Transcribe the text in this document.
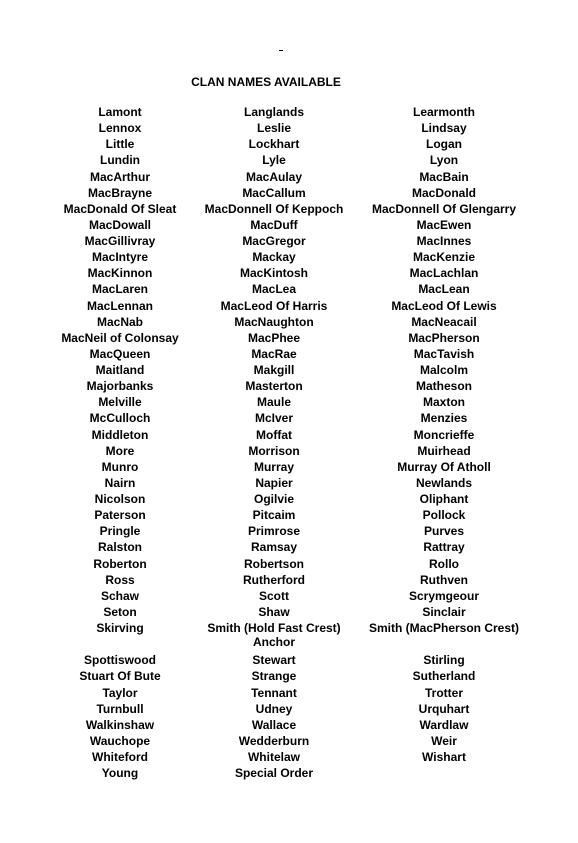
CLAN NAMES AVAILABLE
Lamont
Lennox
Little
Lundin
MacArthur
MacBrayne
MacDonald Of Sleat
MacDowall
MacGillivray
MacIntyre
MacKinnon
MacLaren
MacLennan
MacNab
MacNeil of Colonsay
MacQueen
Maitland
Majorbanks
Melville
McCulloch
Middleton
More
Munro
Nairn
Nicolson
Paterson
Pringle
Ralston
Roberton
Ross
Schaw
Seton
Skirving
Spottiswood
Stuart Of Bute
Taylor
Turnbull
Walkinshaw
Wauchope
Whiteford
Young
Langlands
Leslie
Lockhart
Lyle
MacAulay
MacCallum
MacDonnell Of Keppoch
MacDuff
MacGregor
Mackay
MacKintosh
MacLea
MacLeod Of Harris
MacNaughton
MacPhee
MacRae
Makgill
Masterton
Maule
McIver
Moffat
Morrison
Murray
Napier
Ogilvie
Pitcaim
Primrose
Ramsay
Robertson
Rutherford
Scott
Shaw
Smith (Hold Fast Crest) Anchor
Stewart
Strange
Tennant
Udney
Wallace
Wedderburn
Whitelaw
Special Order
Learmonth
Lindsay
Logan
Lyon
MacBain
MacDonald
MacDonnell Of Glengarry
MacEwen
MacInnes
MacKenzie
MacLachlan
MacLean
MacLeod Of Lewis
MacNeacail
MacPherson
MacTavish
Malcolm
Matheson
Maxton
Menzies
Moncrieffe
Muirhead
Murray Of Atholl
Newlands
Oliphant
Pollock
Purves
Rattray
Rollo
Ruthven
Scrymgeour
Sinclair
Smith (MacPherson Crest)
Stirling
Sutherland
Trotter
Urquhart
Wardlaw
Weir
Wishart
